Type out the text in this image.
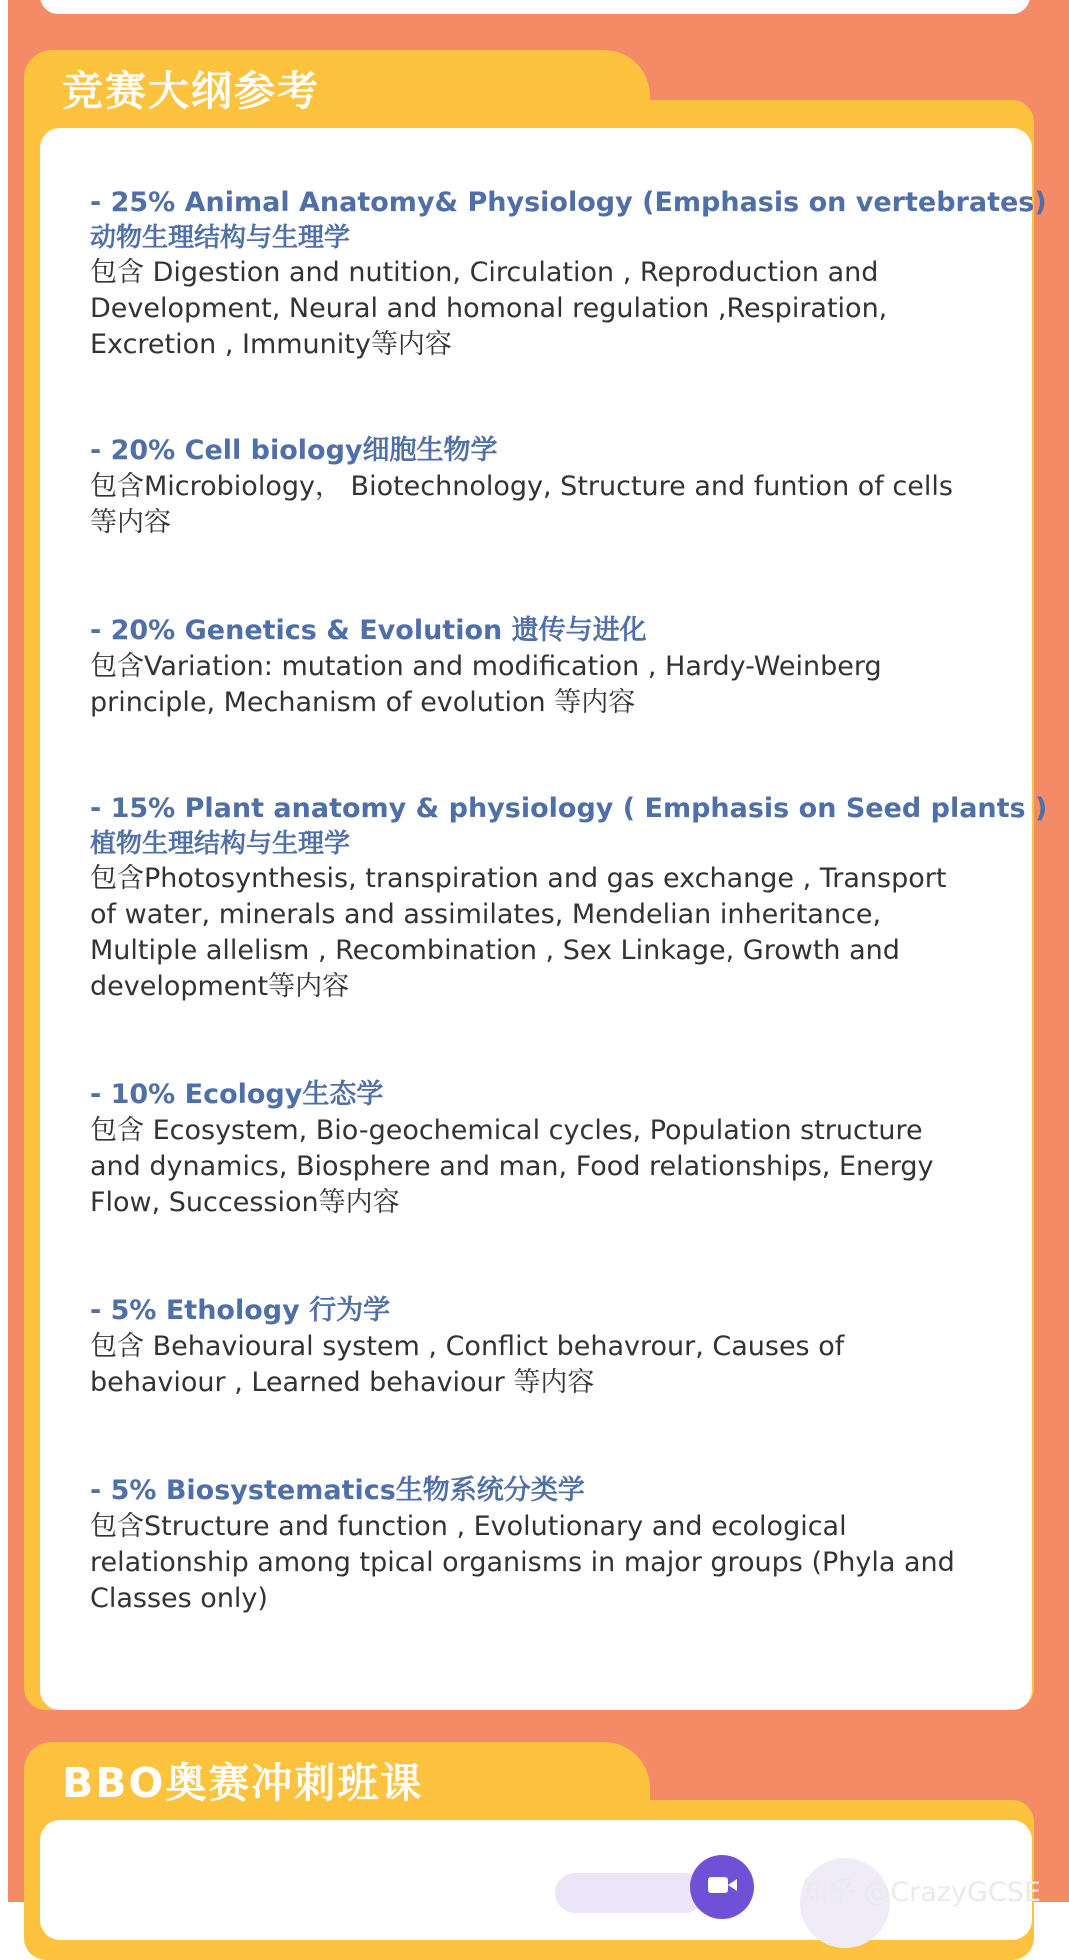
竞赛大纲参考
- 25% Animal Anatomy& Physiology (Emphasis on vertebrates)
动物生理结构与生理学
包含 Digestion and nutition, Circulation , Reproduction and
Development, Neural and homonal regulation ,Respiration,
Excretion , Immunity等内容
- 20% Cell biology细胞生物学
包含Microbiology， Biotechnology, Structure and funtion of cells
等内容
- 20% Genetics & Evolution 遗传与进化
包含Variation: mutation and modification , Hardy-Weinberg
principle, Mechanism of evolution 等内容
- 15% Plant anatomy & physiology ( Emphasis on Seed plants )
植物生理结构与生理学
包含Photosynthesis, transpiration and gas exchange , Transport
of water, minerals and assimilates, Mendelian inheritance,
Multiple allelism , Recombination , Sex Linkage, Growth and
development等内容
- 10% Ecology生态学
包含 Ecosystem, Bio-geochemical cycles, Population structure
and dynamics, Biosphere and man, Food relationships, Energy
Flow, Succession等内容
- 5% Ethology 行为学
包含 Behavioural system , Conflict behavrour, Causes of
behaviour , Learned behaviour 等内容
- 5% Biosystematics生物系统分类学
包含Structure and function , Evolutionary and ecological
relationship among tpical organisms in major groups (Phyla and
Classes only)
BBO奥赛冲刺班课
知乎 @CrazyGCSE
